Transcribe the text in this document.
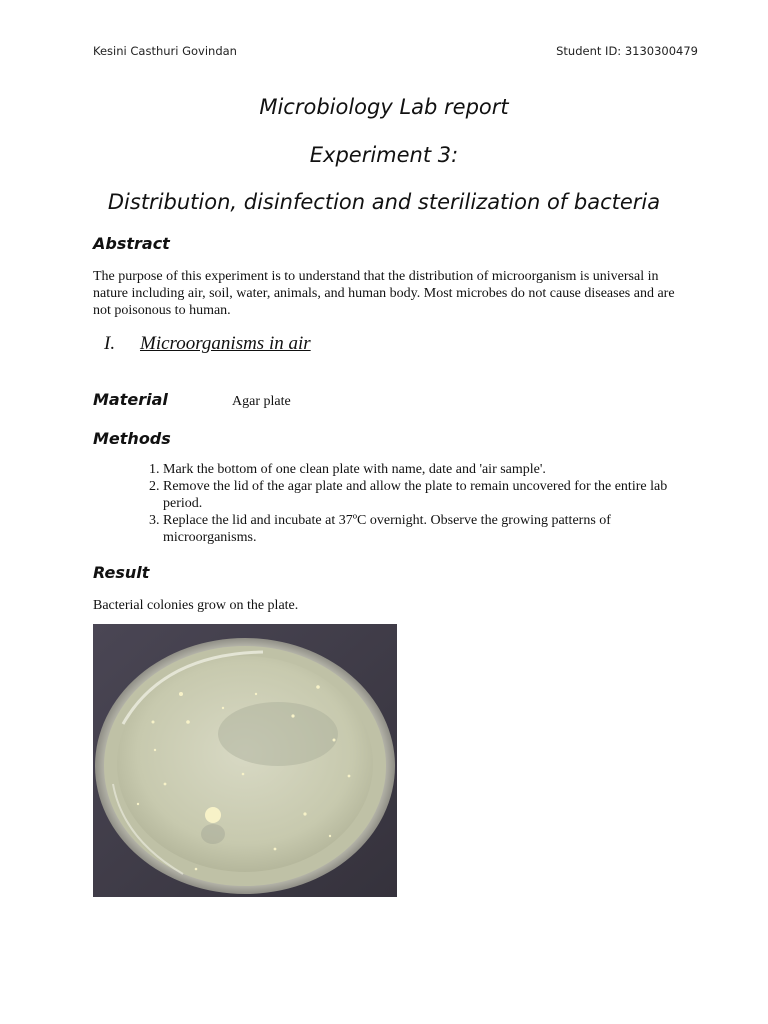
Kesini Casthuri Govindan	Student ID: 3130300479
Microbiology Lab report
Experiment 3:
Distribution, disinfection and sterilization of bacteria
Abstract
The purpose of this experiment is to understand that the distribution of microorganism is universal in nature including air, soil, water, animals, and human body. Most microbes do not cause diseases and are not poisonous to human.
I. Microorganisms in air
Material	Agar plate
Methods
1. Mark the bottom of one clean plate with name, date and 'air sample'.
2. Remove the lid of the agar plate and allow the plate to remain uncovered for the entire lab period.
3. Replace the lid and incubate at 37ºC overnight. Observe the growing patterns of microorganisms.
Result
Bacterial colonies grow on the plate.
